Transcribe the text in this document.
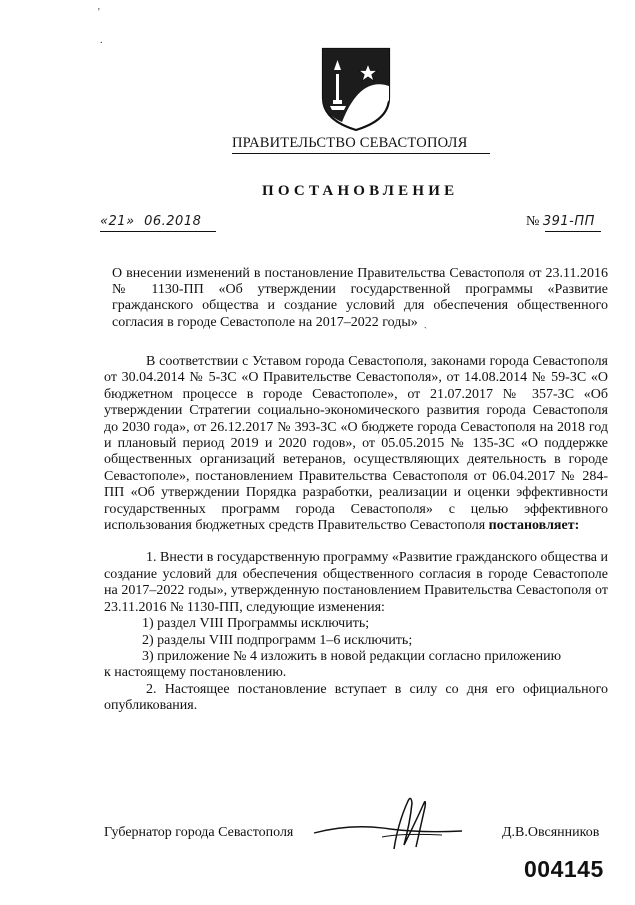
'
.
ПРАВИТЕЛЬСТВО СЕВАСТОПОЛЯ
ПОСТАНОВЛЕНИЕ
«21» 06.2018	№ 391-ПП
О внесении изменений в постановление Правительства Севастополя от 23.11.2016 № 1130-ПП «Об утверждении государственной программы «Развитие гражданского общества и создание условий для обеспечения общественного согласия в городе Севастополе на 2017–2022 годы» ˎ

В соответствии с Уставом города Севастополя, законами города Севастополя от 30.04.2014 № 5-ЗС «О Правительстве Севастополя», от 14.08.2014 № 59-ЗС «О бюджетном процессе в городе Севастополе», от 21.07.2017 № 357-ЗС «Об утверждении Стратегии социально-экономического развития города Севастополя до 2030 года», от 26.12.2017 № 393-ЗС «О бюджете города Севастополя на 2018 год и плановый период 2019 и 2020 годов», от 05.05.2015 № 135-ЗС «О поддержке общественных организаций ветеранов, осуществляющих деятельность в городе Севастополе», постановлением Правительства Севастополя от 06.04.2017 № 284-ПП «Об утверждении Порядка разработки, реализации и оценки эффективности государственных программ города Севастополя» с целью эффективного использования бюджетных средств Правительство Севастополя постановляет:

1. Внести в государственную программу «Развитие гражданского общества и создание условий для обеспечения общественного согласия в городе Севастополе на 2017–2022 годы», утвержденную постановлением Правительства Севастополя от 23.11.2016 № 1130-ПП, следующие изменения:

1) раздел VIII Программы исключить;

2) разделы VIII подпрограмм 1–6 исключить;

3) приложение № 4 изложить в новой редакции согласно приложению

к настоящему постановлению.

2. Настоящее постановление вступает в силу со дня его официального опубликования.

Губернатор города Севастополя	Д.В.Овсянников
004145
